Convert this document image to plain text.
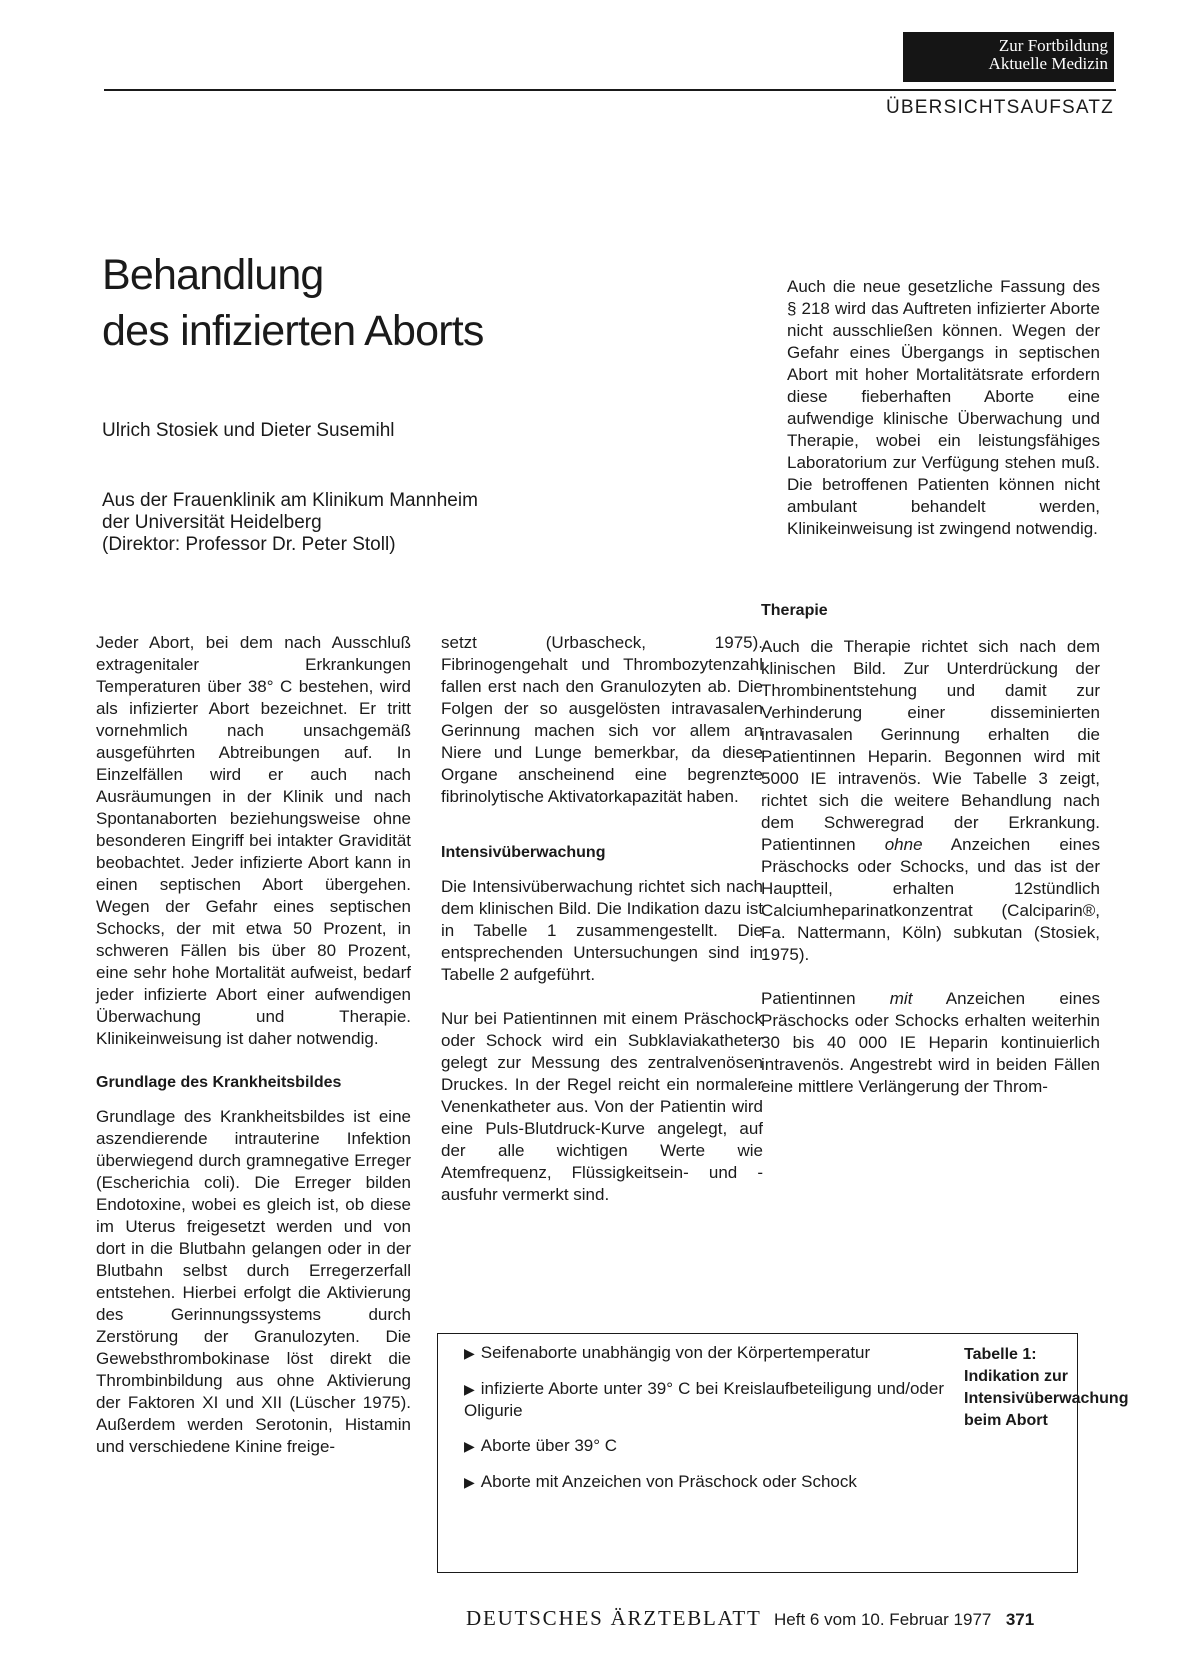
Zur Fortbildung
Aktuelle Medizin
ÜBERSICHTSAUFSATZ
Behandlung
des infizierten Aborts
Ulrich Stosiek und Dieter Susemihl
Aus der Frauenklinik am Klinikum Mannheim
der Universität Heidelberg
(Direktor: Professor Dr. Peter Stoll)

Jeder Abort, bei dem nach Ausschluß extragenitaler Erkrankungen Temperaturen über 38° C bestehen, wird als infizierter Abort bezeichnet. Er tritt vornehmlich nach unsachgemäß ausgeführten Abtreibungen auf. In Einzelfällen wird er auch nach Ausräumungen in der Klinik und nach Spontanaborten beziehungsweise ohne besonderen Eingriff bei intakter Gravidität beobachtet. Jeder infizierte Abort kann in einen septischen Abort übergehen. Wegen der Gefahr eines septischen Schocks, der mit etwa 50 Prozent, in schweren Fällen bis über 80 Prozent, eine sehr hohe Mortalität aufweist, bedarf jeder infizierte Abort einer aufwendigen Überwachung und Therapie. Klinikeinweisung ist daher notwendig.

Grundlage des Krankheitsbildes

Grundlage des Krankheitsbildes ist eine aszendierende intrauterine Infektion überwiegend durch gramnegative Erreger (Escherichia coli). Die Erreger bilden Endotoxine, wobei es gleich ist, ob diese im Uterus freigesetzt werden und von dort in die Blutbahn gelangen oder in der Blutbahn selbst durch Erregerzerfall entstehen. Hierbei erfolgt die Aktivierung des Gerinnungssystems durch Zerstörung der Granulozyten. Die Gewebsthrombokinase löst direkt die Thrombinbildung aus ohne Aktivierung der Faktoren XI und XII (Lüscher 1975). Außerdem werden Serotonin, Histamin und verschiedene Kinine freige-

setzt (Urbascheck, 1975). Fibrinogengehalt und Thrombozytenzahl fallen erst nach den Granulozyten ab. Die Folgen der so ausgelösten intravasalen Gerinnung machen sich vor allem an Niere und Lunge bemerkbar, da diese Organe anscheinend eine begrenzte fibrinolytische Aktivatorkapazität haben.

Intensivüberwachung

Die Intensivüberwachung richtet sich nach dem klinischen Bild. Die Indikation dazu ist in Tabelle 1 zusammengestellt. Die entsprechenden Untersuchungen sind in Tabelle 2 aufgeführt.

Nur bei Patientinnen mit einem Präschock oder Schock wird ein Subklaviakatheter gelegt zur Messung des zentralvenösen Druckes. In der Regel reicht ein normaler Venenkatheter aus. Von der Patientin wird eine Puls-Blutdruck-Kurve angelegt, auf der alle wichtigen Werte wie Atemfrequenz, Flüssigkeitsein- und -ausfuhr vermerkt sind.

Auch die neue gesetzliche Fassung des § 218 wird das Auftreten infizierter Aborte nicht ausschließen können. Wegen der Gefahr eines Übergangs in septischen Abort mit hoher Mortalitätsrate erfordern diese fieberhaften Aborte eine aufwendige klinische Überwachung und Therapie, wobei ein leistungsfähiges Laboratorium zur Verfügung stehen muß. Die betroffenen Patienten können nicht ambulant behandelt werden, Klinikeinweisung ist zwingend notwendig.

Therapie

Auch die Therapie richtet sich nach dem klinischen Bild. Zur Unterdrückung der Thrombinentstehung und damit zur Verhinderung einer disseminierten intravasalen Gerinnung erhalten die Patientinnen Heparin. Begonnen wird mit 5000 IE intravenös. Wie Tabelle 3 zeigt, richtet sich die weitere Behandlung nach dem Schweregrad der Erkrankung. Patientinnen ohne Anzeichen eines Präschocks oder Schocks, und das ist der Hauptteil, erhalten 12stündlich Calciumheparinatkonzentrat (Calciparin®, Fa. Nattermann, Köln) subkutan (Stosiek, 1975).

Patientinnen mit Anzeichen eines Präschocks oder Schocks erhalten weiterhin 30 bis 40 000 IE Heparin kontinuierlich intravenös. Angestrebt wird in beiden Fällen eine mittlere Verlängerung der Throm-

▶ Seifenaborte unabhängig von der Körpertemperatur
▶ infizierte Aborte unter 39° C bei Kreislaufbeteiligung und/oder Oligurie
▶ Aborte über 39° C
▶ Aborte mit Anzeichen von Präschock oder Schock
Tabelle 1:
Indikation zur Intensivüberwachung beim Abort
DEUTSCHES ÄRZTEBLATT Heft 6 vom 10. Februar 1977 371
